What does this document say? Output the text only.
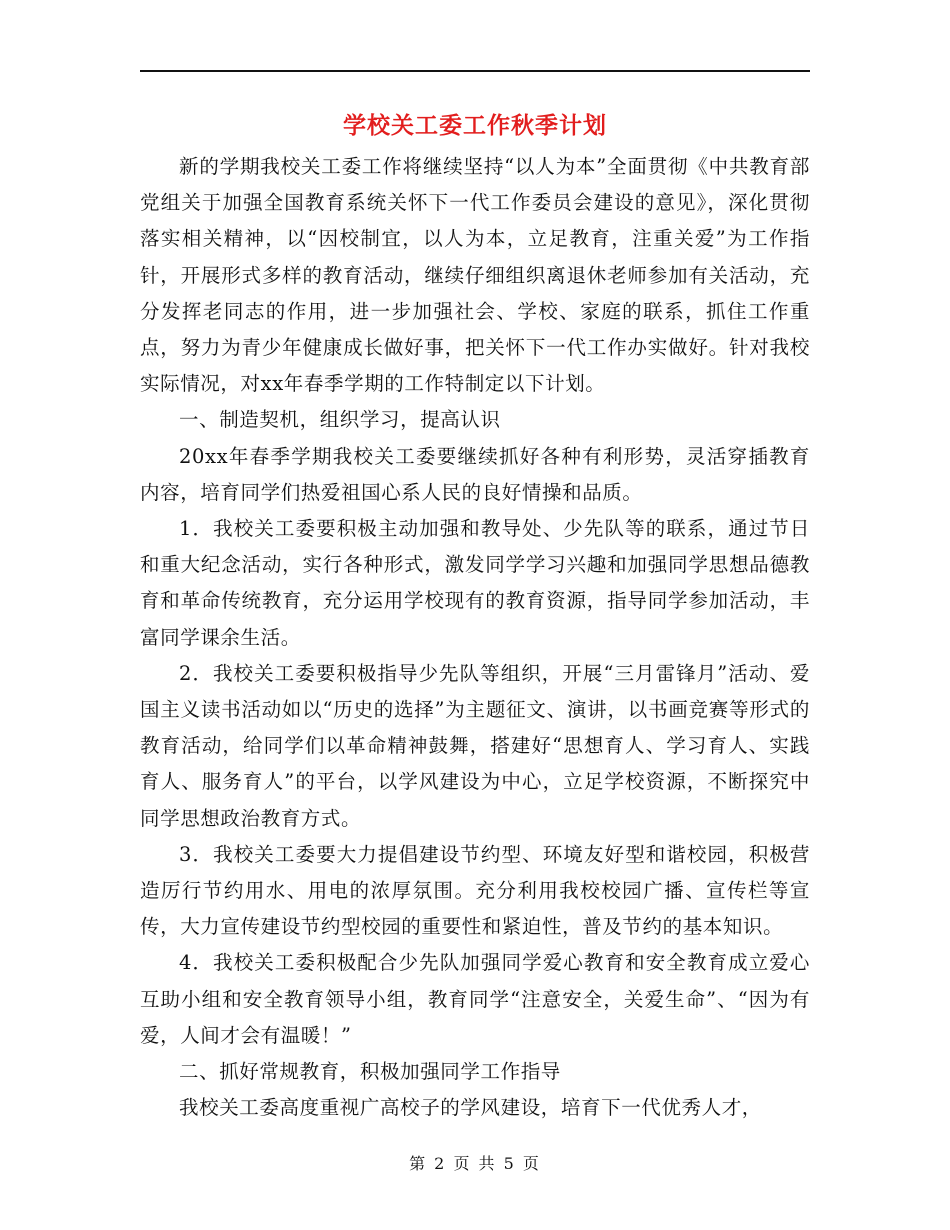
学校关工委工作秋季计划

新的学期我校关工委工作将继续坚持“以人为本”全面贯彻《中共教育部党组关于加强全国教育系统关怀下一代工作委员会建设的意见》，深化贯彻落实相关精神，以“因校制宜，以人为本，立足教育，注重关爱”为工作指针，开展形式多样的教育活动，继续仔细组织离退休老师参加有关活动，充分发挥老同志的作用，进一步加强社会、学校、家庭的联系，抓住工作重点，努力为青少年健康成长做好事，把关怀下一代工作办实做好。针对我校实际情况，对xx年春季学期的工作特制定以下计划。

一、制造契机，组织学习，提高认识

20xx年春季学期我校关工委要继续抓好各种有利形势，灵活穿插教育内容，培育同学们热爱祖国心系人民的良好情操和品质。

1．我校关工委要积极主动加强和教导处、少先队等的联系，通过节日和重大纪念活动，实行各种形式，激发同学学习兴趣和加强同学思想品德教育和革命传统教育，充分运用学校现有的教育资源，指导同学参加活动，丰富同学课余生活。

2．我校关工委要积极指导少先队等组织，开展“三月雷锋月”活动、爱国主义读书活动如以“历史的选择”为主题征文、演讲，以书画竞赛等形式的教育活动，给同学们以革命精神鼓舞，搭建好“思想育人、学习育人、实践育人、服务育人”的平台，以学风建设为中心，立足学校资源，不断探究中同学思想政治教育方式。

3．我校关工委要大力提倡建设节约型、环境友好型和谐校园，积极营造厉行节约用水、用电的浓厚氛围。充分利用我校校园广播、宣传栏等宣传，大力宣传建设节约型校园的重要性和紧迫性，普及节约的基本知识。

4．我校关工委积极配合少先队加强同学爱心教育和安全教育成立爱心互助小组和安全教育领导小组，教育同学“注意安全，关爱生命”、“因为有爱，人间才会有温暖！”

二、抓好常规教育，积极加强同学工作指导

我校关工委高度重视广高校子的学风建设，培育下一代优秀人才，

第 2 页 共 5 页
